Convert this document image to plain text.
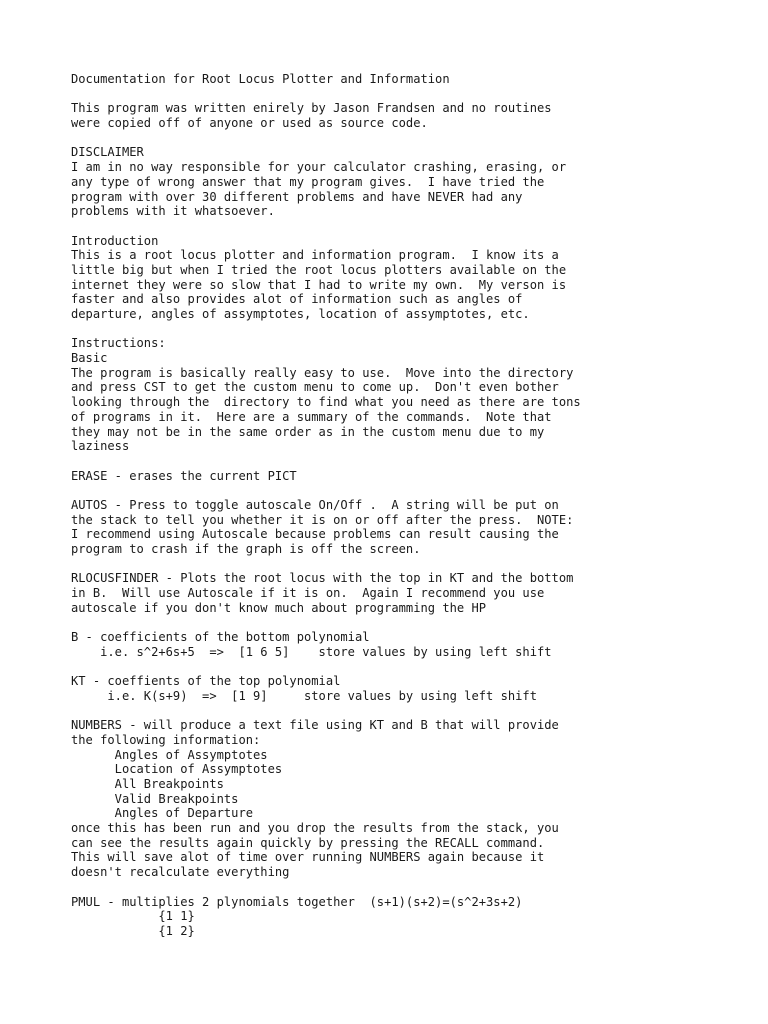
Documentation for Root Locus Plotter and Information
This program was written enirely by Jason Frandsen and no routines
were copied off of anyone or used as source code.
DISCLAIMER
I am in no way responsible for your calculator crashing, erasing, or
any type of wrong answer that my program gives.  I have tried the
program with over 30 different problems and have NEVER had any
problems with it whatsoever.
Introduction
This is a root locus plotter and information program.  I know its a
little big but when I tried the root locus plotters available on the
internet they were so slow that I had to write my own.  My verson is
faster and also provides alot of information such as angles of
departure, angles of assymptotes, location of assymptotes, etc.
Instructions:
Basic
The program is basically really easy to use.  Move into the directory
and press CST to get the custom menu to come up.  Don't even bother
looking through the  directory to find what you need as there are tons
of programs in it.  Here are a summary of the commands.  Note that
they may not be in the same order as in the custom menu due to my
laziness
ERASE - erases the current PICT
AUTOS - Press to toggle autoscale On/Off .  A string will be put on
the stack to tell you whether it is on or off after the press.  NOTE:
I recommend using Autoscale because problems can result causing the
program to crash if the graph is off the screen.
RLOCUSFINDER - Plots the root locus with the top in KT and the bottom
in B.  Will use Autoscale if it is on.  Again I recommend you use
autoscale if you don't know much about programming the HP
B - coefficients of the bottom polynomial
i.e. s^2+6s+5  =>  [1 6 5]    store values by using left shift
KT - coeffients of the top polynomial
i.e. K(s+9)  =>  [1 9]     store values by using left shift
NUMBERS - will produce a text file using KT and B that will provide
the following information:
Angles of Assymptotes
Location of Assymptotes
All Breakpoints
Valid Breakpoints
Angles of Departure
once this has been run and you drop the results from the stack, you
can see the results again quickly by pressing the RECALL command.
This will save alot of time over running NUMBERS again because it
doesn't recalculate everything
PMUL - multiplies 2 plynomials together  (s+1)(s+2)=(s^2+3s+2)
{1 1}
{1 2}
